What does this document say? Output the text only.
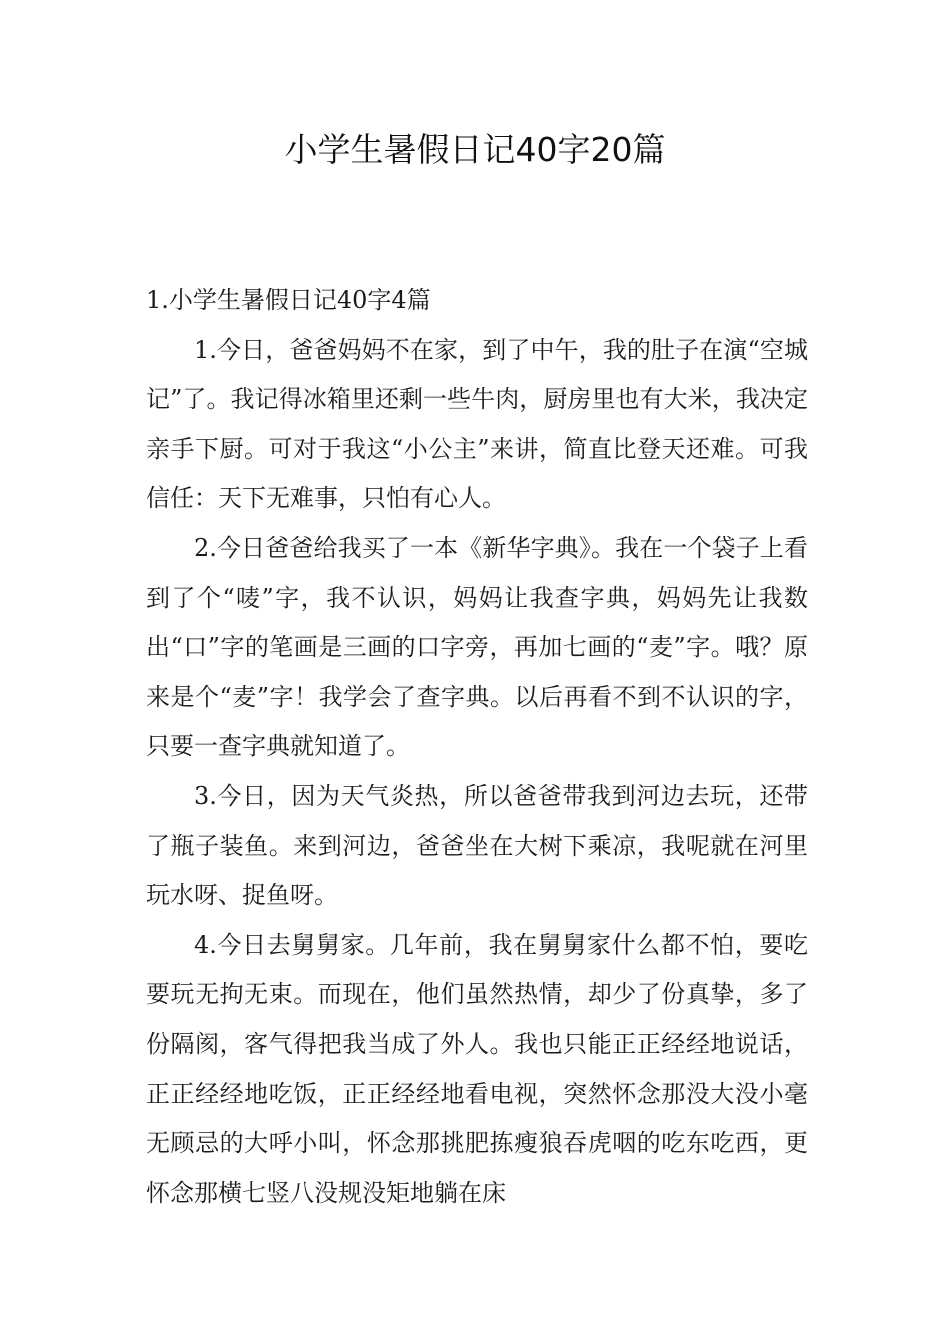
小学生暑假日记40字20篇

1.小学生暑假日记40字4篇

1.今日，爸爸妈妈不在家，到了中午，我的肚子在演“空城记”了。我记得冰箱里还剩一些牛肉，厨房里也有大米，我决定亲手下厨。可对于我这“小公主”来讲，简直比登天还难。可我信任：天下无难事，只怕有心人。

2.今日爸爸给我买了一本《新华字典》。我在一个袋子上看到了个“唛”字，我不认识，妈妈让我查字典，妈妈先让我数出“口”字的笔画是三画的口字旁，再加七画的“麦”字。哦？原来是个“麦”字！我学会了查字典。以后再看不到不认识的字，只要一查字典就知道了。

3.今日，因为天气炎热，所以爸爸带我到河边去玩，还带了瓶子装鱼。来到河边，爸爸坐在大树下乘凉，我呢就在河里玩水呀、捉鱼呀。

4.今日去舅舅家。几年前，我在舅舅家什么都不怕，要吃要玩无拘无束。而现在，他们虽然热情，却少了份真挚，多了份隔阂，客气得把我当成了外人。我也只能正正经经地说话，正正经经地吃饭，正正经经地看电视，突然怀念那没大没小毫无顾忌的大呼小叫，怀念那挑肥拣瘦狼吞虎咽的吃东吃西，更怀念那横七竖八没规没矩地躺在床
